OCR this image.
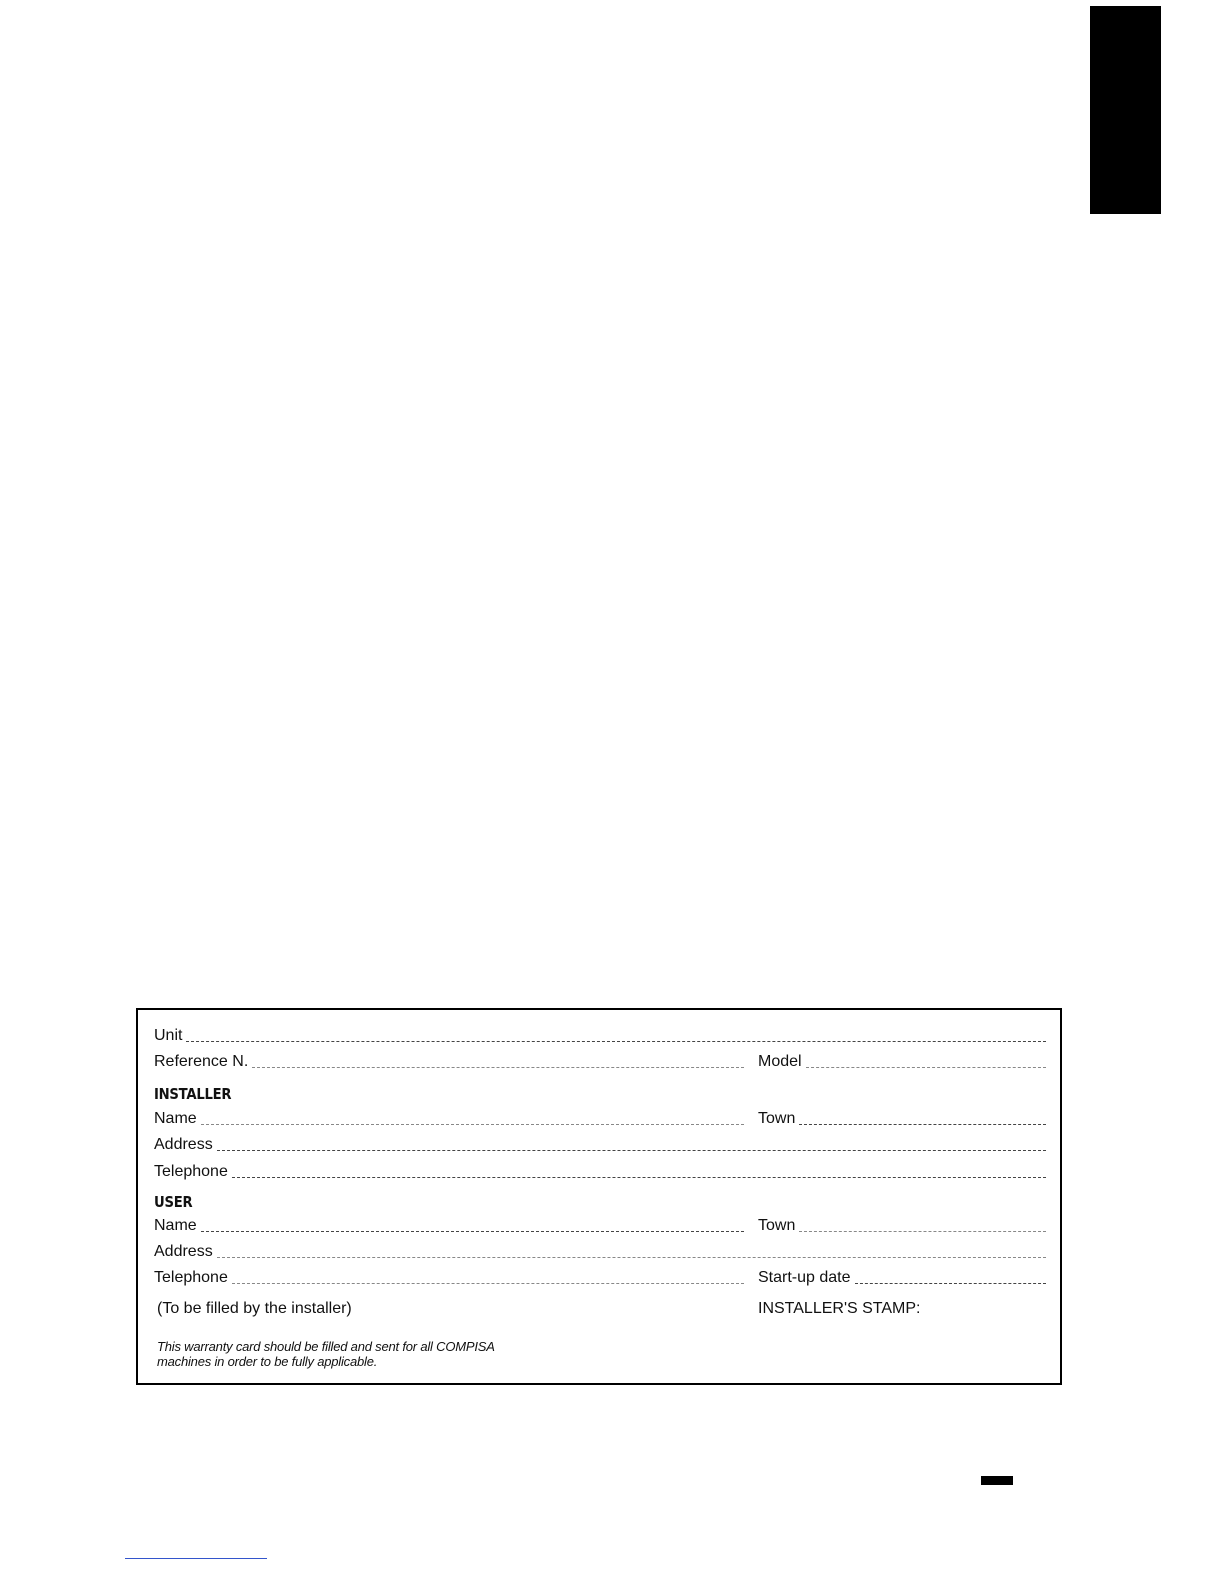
Unit
Reference N.	Model
INSTALLER
Name	Town
Address
Telephone
USER
Name	Town
Address
Telephone	Start-up date
(To be filled by the installer)	INSTALLER'S STAMP:
This warranty card should be filled and sent for all COMPISA
machines in order to be fully applicable.
